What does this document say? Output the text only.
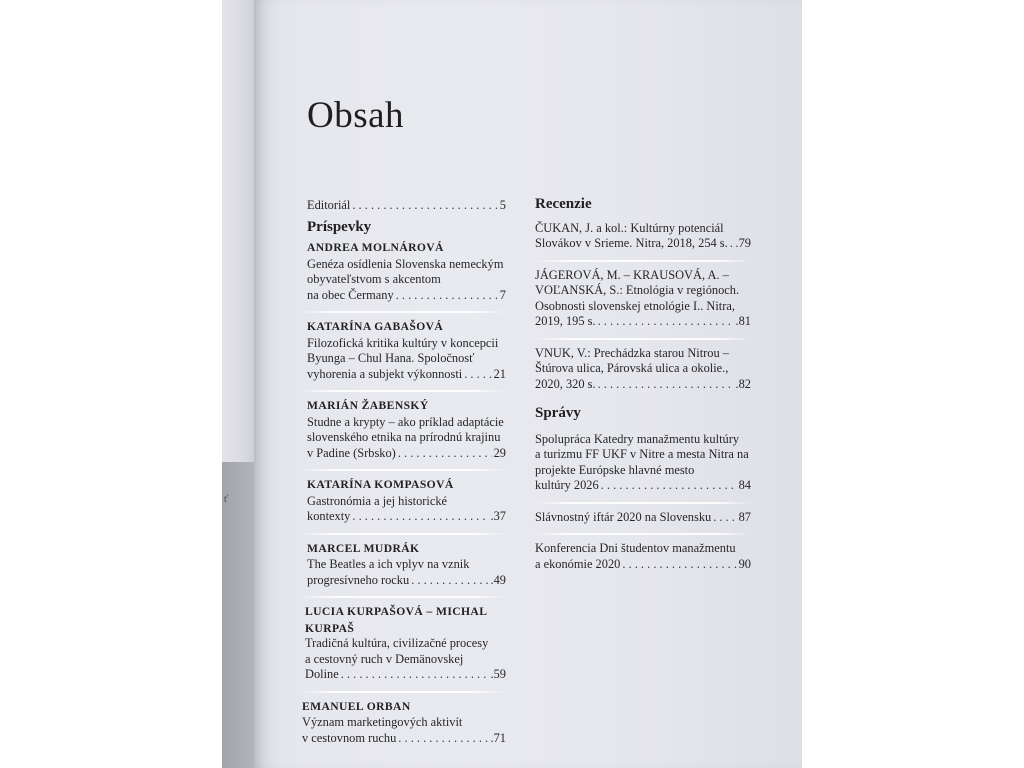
ť
Obsah
Editoriál . . .	5
Príspevky
ANDREA MOLNÁROVÁ
Genéza osídlenia Slovenska nemeckým
obyvateľstvom s akcentom
na obec Čermany . . .	7
KATARÍNA GABAŠOVÁ
Filozofická kritika kultúry v koncepcii
Byunga – Chul Hana. Spoločnosť
vyhorenia a subjekt výkonnosti . . .	21
MARIÁN ŽABENSKÝ
Studne a krypty – ako príklad adaptácie
slovenského etnika na prírodnú krajinu
v Padine (Srbsko) . . .	29
KATARÍNA KOMPASOVÁ
Gastronómia a jej historické
kontexty . . .	.37
MARCEL MUDRÁK
The Beatles a ich vplyv na vznik
progresívneho rocku . . .	.49
LUCIA KURPAŠOVÁ – MICHAL
KURPAŠ
Tradičná kultúra, civilizačné procesy
a cestovný ruch v Demänovskej
Doline . . .	.59
EMANUEL ORBAN
Význam marketingových aktivít
v cestovnom ruchu . . .	.71
Recenzie
ČUKAN, J. a kol.: Kultúrny potenciál
Slovákov v Srieme. Nitra, 2018, 254 s. . . . .79
JÁGEROVÁ, M. – KRAUSOVÁ, A. –
VOĽANSKÁ, S.: Etnológia v regiónoch.
Osobnosti slovenskej etnológie I.. Nitra,
2019, 195 s. . . .	.81
VNUK, V.: Prechádzka starou Nitrou –
Štúrova ulica, Párovská ulica a okolie.,
2020, 320 s. . . .	.82
Správy
Spolupráca Katedry manažmentu kultúry
a turizmu FF UKF v Nitre a mesta Nitra na
projekte Európske hlavné mesto
kultúry 2026 . . .	84
Slávnostný iftár 2020 na Slovensku . . . 87
Konferencia Dni študentov manažmentu
a ekonómie 2020 . . .	90
